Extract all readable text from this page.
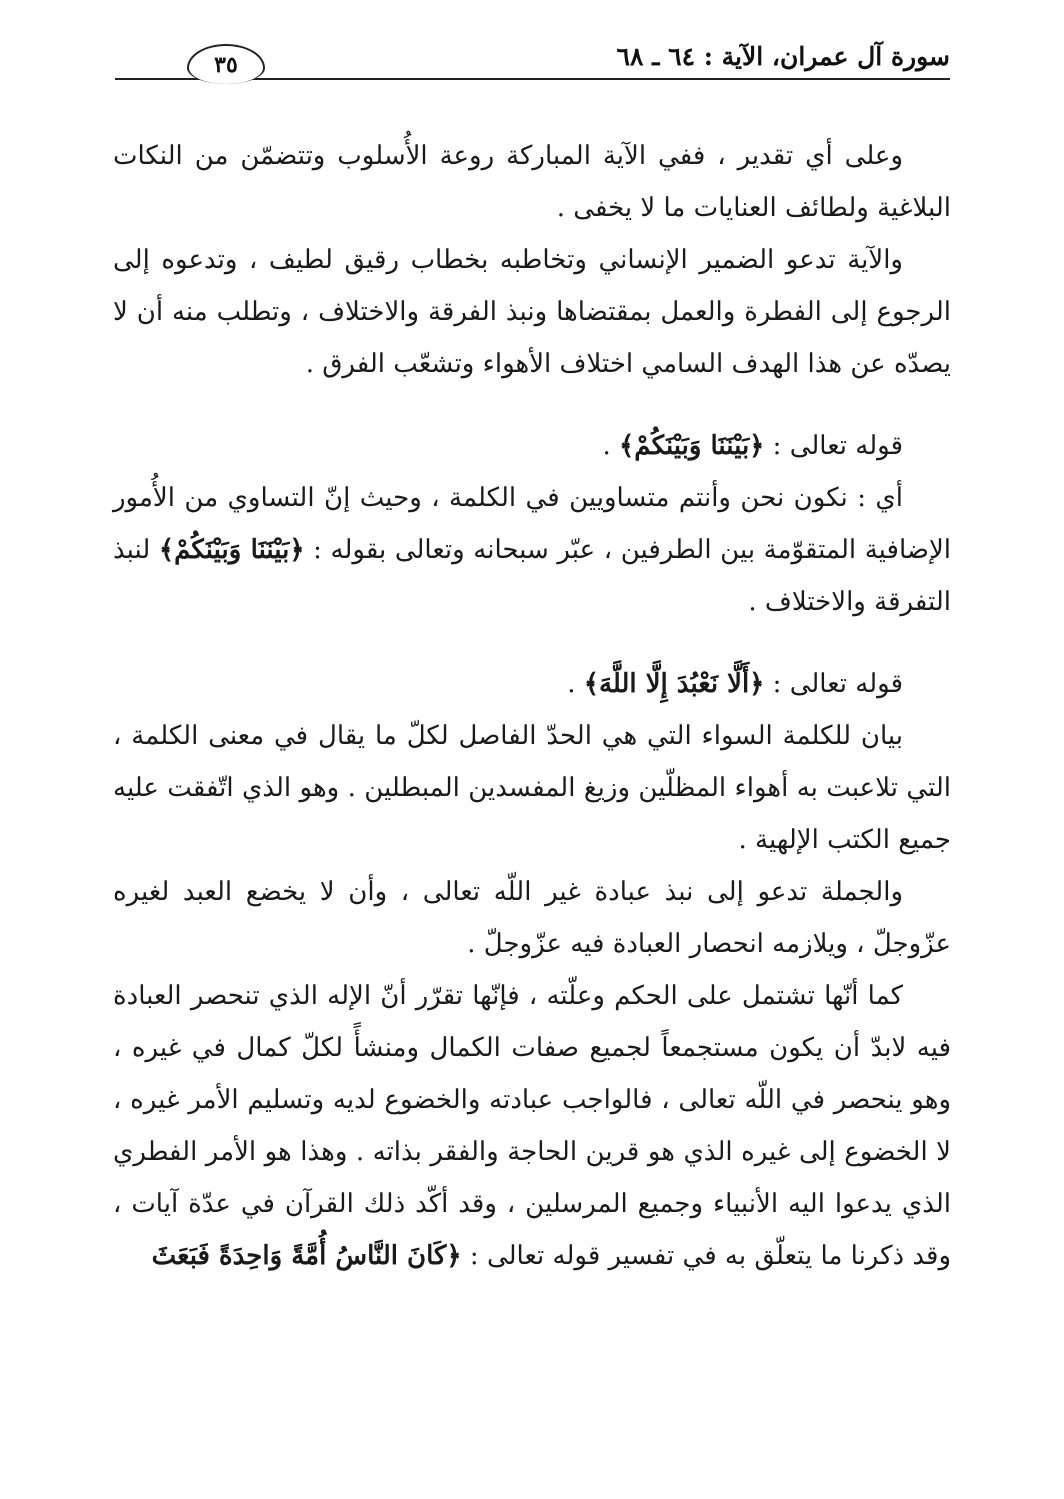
سورة آل عمران، الآية : ٦٤ ـ ٦٨
٣٥

وعلى أي تقدير ، ففي الآية المباركة روعة الأُسلوب وتتضمّن من النكات البلاغية ولطائف العنايات ما لا يخفى .

والآية تدعو الضمير الإنساني وتخاطبه بخطاب رقيق لطيف ، وتدعوه إلى الرجوع إلى الفطرة والعمل بمقتضاها ونبذ الفرقة والاختلاف ، وتطلب منه أن لا يصدّه عن هذا الهدف السامي اختلاف الأهواء وتشعّب الفرق .

قوله تعالى : ﴿بَيْنَنَا وَبَيْنَكُمْ﴾ .

أي : نكون نحن وأنتم متساويين في الكلمة ، وحيث إنّ التساوي من الأُمور الإضافية المتقوّمة بين الطرفين ، عبّر سبحانه وتعالى بقوله : ﴿بَيْنَنَا وَبَيْنَكُمْ﴾ لنبذ التفرقة والاختلاف .

قوله تعالى : ﴿أَلَّا نَعْبُدَ إِلَّا اللَّهَ﴾ .

بيان للكلمة السواء التي هي الحدّ الفاصل لكلّ ما يقال في معنى الكلمة ، التي تلاعبت به أهواء المظلّين وزيغ المفسدين المبطلين . وهو الذي اتّفقت عليه جميع الكتب الإلهية .

والجملة تدعو إلى نبذ عبادة غير اللّه تعالى ، وأن لا يخضع العبد لغيره عزّوجلّ ، ويلازمه انحصار العبادة فيه عزّوجلّ .

كما أنّها تشتمل على الحكم وعلّته ، فإنّها تقرّر أنّ الإله الذي تنحصر العبادة فيه لابدّ أن يكون مستجمعاً لجميع صفات الكمال ومنشأً لكلّ كمال في غيره ، وهو ينحصر في اللّه تعالى ، فالواجب عبادته والخضوع لديه وتسليم الأمر غيره ، لا الخضوع إلى غيره الذي هو قرين الحاجة والفقر بذاته . وهذا هو الأمر الفطري الذي يدعوا اليه الأنبياء وجميع المرسلين ، وقد أكّد ذلك القرآن في عدّة آيات ، وقد ذكرنا ما يتعلّق به في تفسير قوله تعالى : ﴿كَانَ النَّاسُ أُمَّةً وَاحِدَةً فَبَعَثَ
